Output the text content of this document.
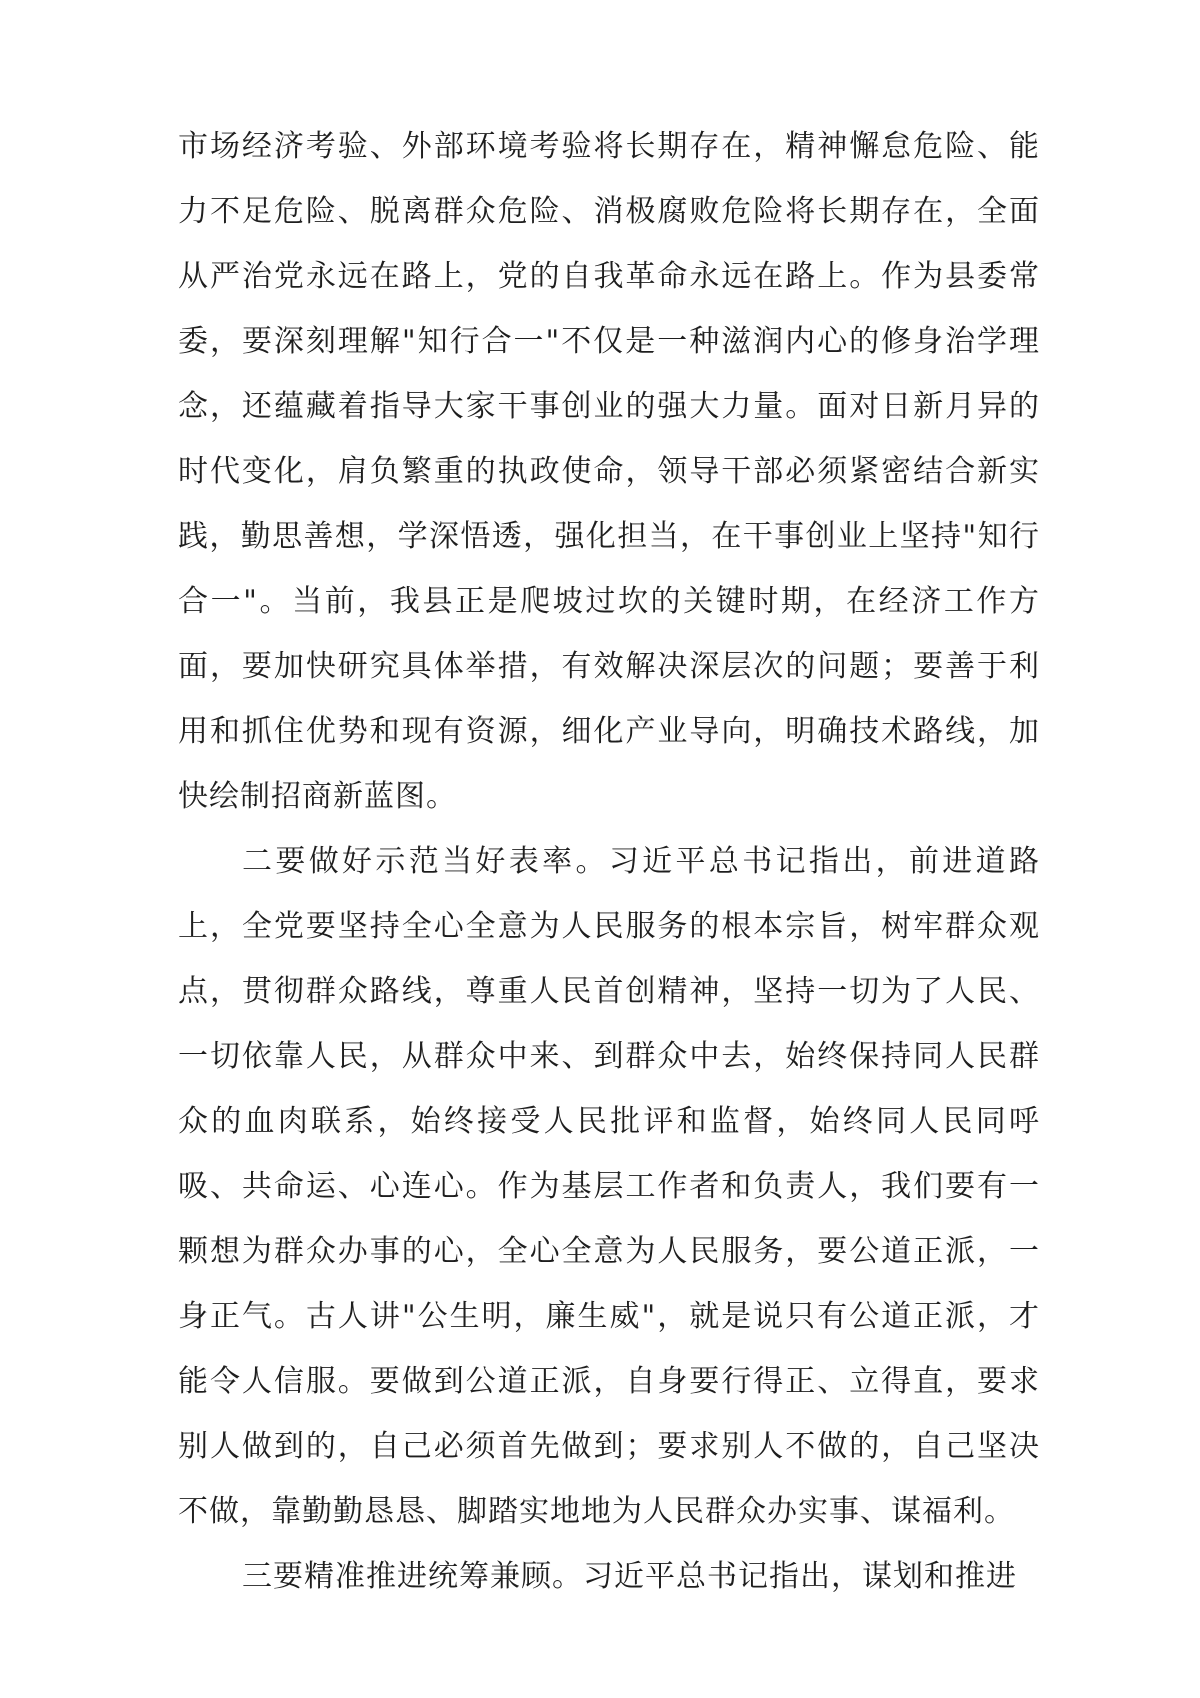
市场经济考验、外部环境考验将长期存在，精神懈怠危险、能力不足危险、脱离群众危险、消极腐败危险将长期存在，全面从严治党永远在路上，党的自我革命永远在路上。作为县委常委，要深刻理解"知行合一"不仅是一种滋润内心的修身治学理念，还蕴藏着指导大家干事创业的强大力量。面对日新月异的时代变化，肩负繁重的执政使命，领导干部必须紧密结合新实践，勤思善想，学深悟透，强化担当，在干事创业上坚持"知行合一"。当前，我县正是爬坡过坎的关键时期，在经济工作方面，要加快研究具体举措，有效解决深层次的问题；要善于利用和抓住优势和现有资源，细化产业导向，明确技术路线，加快绘制招商新蓝图。

二要做好示范当好表率。习近平总书记指出，前进道路上，全党要坚持全心全意为人民服务的根本宗旨，树牢群众观点，贯彻群众路线，尊重人民首创精神，坚持一切为了人民、一切依靠人民，从群众中来、到群众中去，始终保持同人民群众的血肉联系，始终接受人民批评和监督，始终同人民同呼吸、共命运、心连心。作为基层工作者和负责人，我们要有一颗想为群众办事的心，全心全意为人民服务，要公道正派，一身正气。古人讲"公生明，廉生威"，就是说只有公道正派，才能令人信服。要做到公道正派，自身要行得正、立得直，要求别人做到的，自己必须首先做到；要求别人不做的，自己坚决不做，靠勤勤恳恳、脚踏实地地为人民群众办实事、谋福利。

三要精准推进统筹兼顾。习近平总书记指出，谋划和推进
